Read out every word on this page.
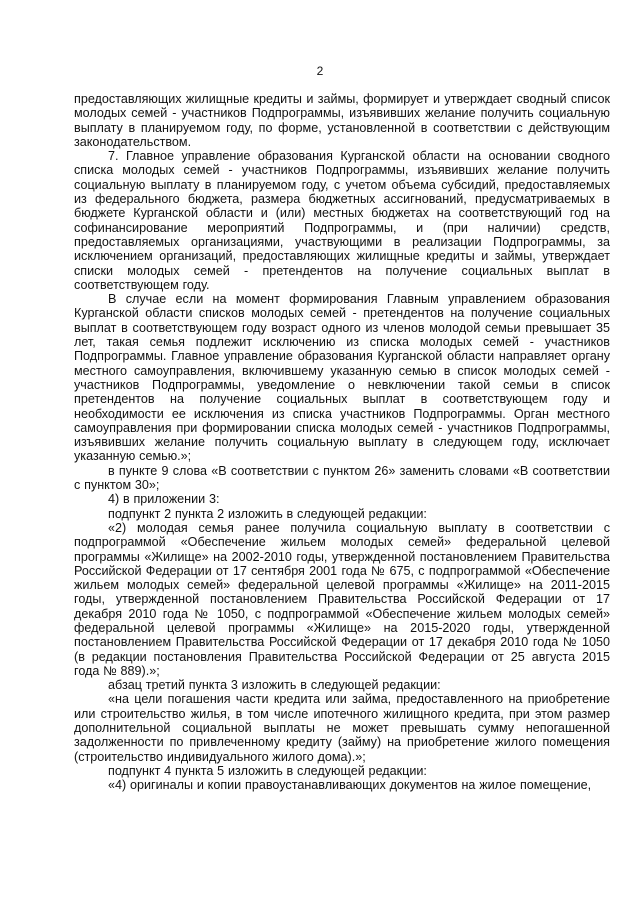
2

предоставляющих жилищные кредиты и займы, формирует и утверждает сводный список молодых семей - участников Подпрограммы, изъявивших желание получить социальную выплату в планируемом году, по форме, установленной в соответствии с действующим законодательством.

7. Главное управление образования Курганской области на основании сводного списка молодых семей - участников Подпрограммы, изъявивших желание получить социальную выплату в планируемом году, с учетом объема субсидий, предоставляемых из федерального бюджета, размера бюджетных ассигнований, предусматриваемых в бюджете Курганской области и (или) местных бюджетах на соответствующий год на софинансирование мероприятий Подпрограммы, и (при наличии) средств, предоставляемых организациями, участвующими в реализации Подпрограммы, за исключением организаций, предоставляющих жилищные кредиты и займы, утверждает списки молодых семей - претендентов на получение социальных выплат в соответствующем году.

В случае если на момент формирования Главным управлением образования Курганской области списков молодых семей - претендентов на получение социальных выплат в соответствующем году возраст одного из членов молодой семьи превышает 35 лет, такая семья подлежит исключению из списка молодых семей - участников Подпрограммы. Главное управление образования Курганской области направляет органу местного самоуправления, включившему указанную семью в список молодых семей - участников Подпрограммы, уведомление о невключении такой семьи в список претендентов на получение социальных выплат в соответствующем году и необходимости ее исключения из списка участников Подпрограммы. Орган местного самоуправления при формировании списка молодых семей - участников Подпрограммы, изъявивших желание получить социальную выплату в следующем году, исключает указанную семью.»;

в пункте 9 слова «В соответствии с пунктом 26» заменить словами «В соответствии с пунктом 30»;

4) в приложении 3:

подпункт 2 пункта 2 изложить в следующей редакции:

«2) молодая семья ранее получила социальную выплату в соответствии с подпрограммой «Обеспечение жильем молодых семей» федеральной целевой программы «Жилище» на 2002-2010 годы, утвержденной постановлением Правительства Российской Федерации от 17 сентября 2001 года № 675, с подпрограммой «Обеспечение жильем молодых семей» федеральной целевой программы «Жилище» на 2011-2015 годы, утвержденной постановлением Правительства Российской Федерации от 17 декабря 2010 года № 1050, с подпрограммой «Обеспечение жильем молодых семей» федеральной целевой программы «Жилище» на 2015-2020 годы, утвержденной постановлением Правительства Российской Федерации от 17 декабря 2010 года № 1050 (в редакции постановления Правительства Российской Федерации от 25 августа 2015 года № 889).»;

абзац третий пункта 3 изложить в следующей редакции:

«на цели погашения части кредита или займа, предоставленного на приобретение или строительство жилья, в том числе ипотечного жилищного кредита, при этом размер дополнительной социальной выплаты не может превышать сумму непогашенной задолженности по привлеченному кредиту (займу) на приобретение жилого помещения (строительство индивидуального жилого дома).»;

подпункт 4 пункта 5 изложить в следующей редакции:

«4) оригиналы и копии правоустанавливающих документов на жилое помещение,
